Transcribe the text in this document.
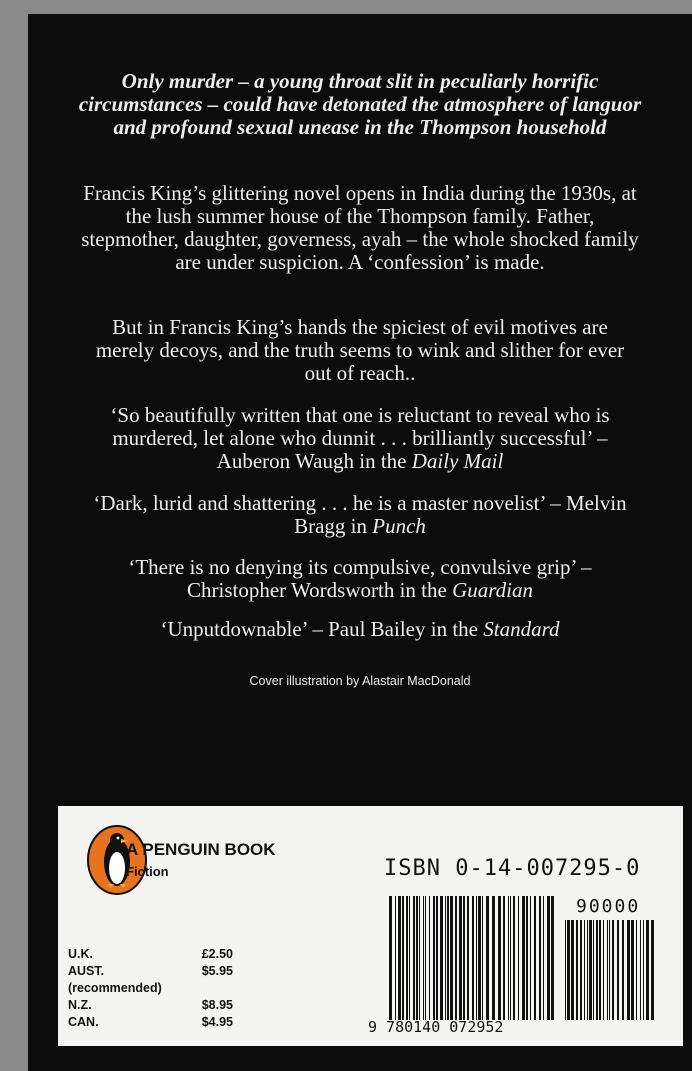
Only murder – a young throat slit in peculiarly horrific circumstances – could have detonated the atmosphere of languor and profound sexual unease in the Thompson household

Francis King’s glittering novel opens in India during the 1930s, at the lush summer house of the Thompson family. Father, stepmother, daughter, governess, ayah – the whole shocked family are under suspicion. A ‘confession’ is made.

But in Francis King’s hands the spiciest of evil motives are merely decoys, and the truth seems to wink and slither for ever out of reach..

‘So beautifully written that one is reluctant to reveal who is murdered, let alone who dunnit . . . brilliantly successful’ – Auberon Waugh in the Daily Mail

‘Dark, lurid and shattering . . . he is a master novelist’ – Melvin Bragg in Punch

‘There is no denying its compulsive, convulsive grip’ – Christopher Wordsworth in the Guardian

‘Unputdownable’ – Paul Bailey in the Standard

Cover illustration by Alastair MacDonald
A PENGUIN BOOK
Fiction	ISBN 0-14-007295-0
90000
U.K.	£2.50
AUST.	$5.95
(recommended)
N.Z.	$8.95
CAN.	$4.95	9 780140 072952
